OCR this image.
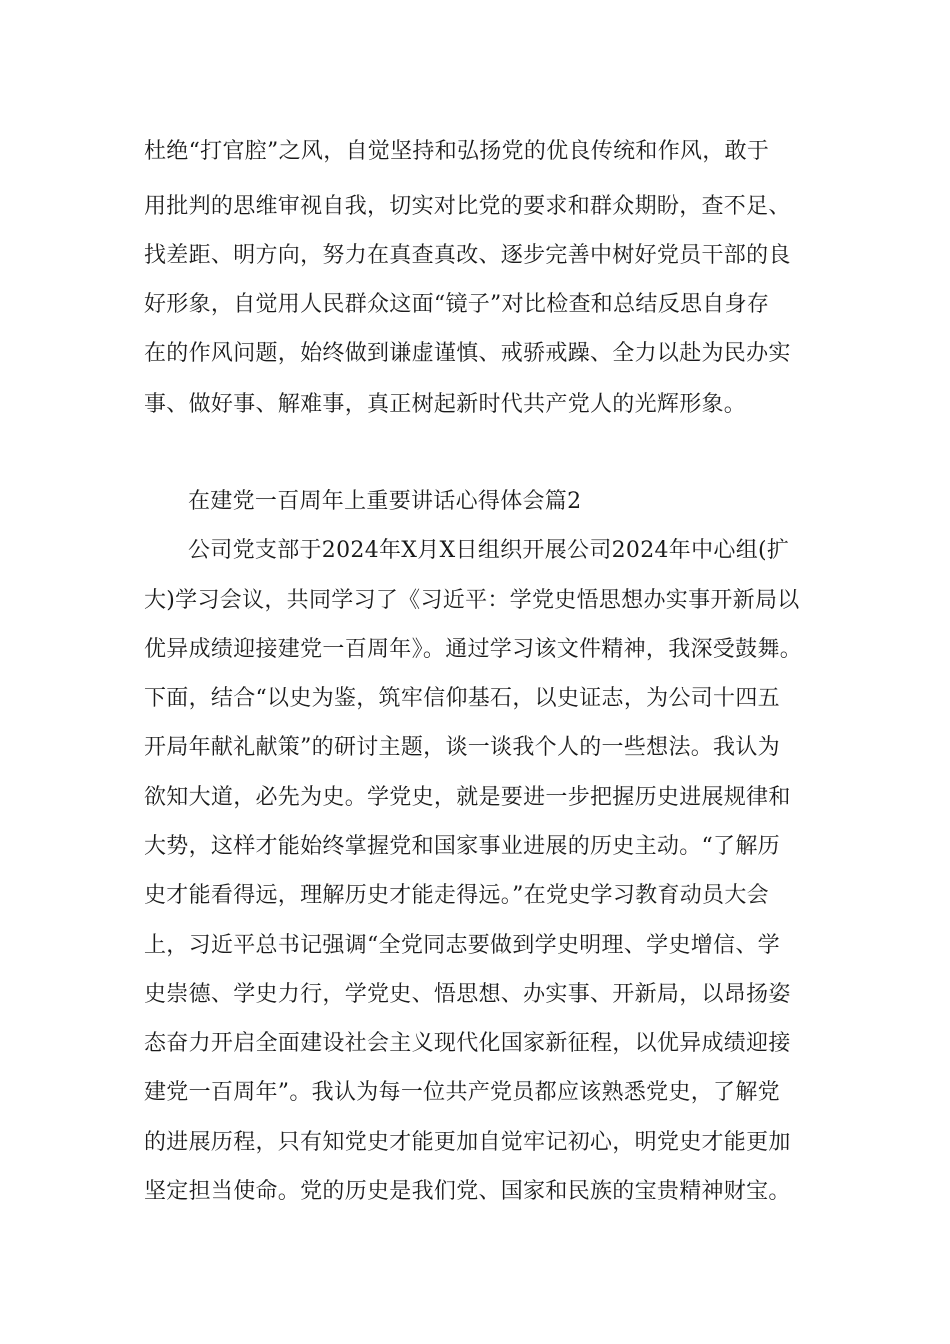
杜绝“打官腔”之风，自觉坚持和弘扬党的优良传统和作风，敢于
用批判的思维审视自我，切实对比党的要求和群众期盼，查不足、
找差距、明方向，努力在真查真改、逐步完善中树好党员干部的良
好形象，自觉用人民群众这面“镜子”对比检查和总结反思自身存
在的作风问题，始终做到谦虚谨慎、戒骄戒躁、全力以赴为民办实
事、做好事、解难事，真正树起新时代共产党人的光辉形象。
在建党一百周年上重要讲话心得体会篇2
公司党支部于2024年X月X日组织开展公司2024年中心组(扩
大)学习会议，共同学习了《习近平：学党史悟思想办实事开新局以
优异成绩迎接建党一百周年》。通过学习该文件精神，我深受鼓舞。
下面，结合“以史为鉴，筑牢信仰基石，以史证志，为公司十四五
开局年献礼献策”的研讨主题，谈一谈我个人的一些想法。我认为
欲知大道，必先为史。学党史，就是要进一步把握历史进展规律和
大势，这样才能始终掌握党和国家事业进展的历史主动。“了解历
史才能看得远，理解历史才能走得远。”在党史学习教育动员大会
上，习近平总书记强调“全党同志要做到学史明理、学史增信、学
史崇德、学史力行，学党史、悟思想、办实事、开新局，以昂扬姿
态奋力开启全面建设社会主义现代化国家新征程，以优异成绩迎接
建党一百周年”。我认为每一位共产党员都应该熟悉党史，了解党
的进展历程，只有知党史才能更加自觉牢记初心，明党史才能更加
坚定担当使命。党的历史是我们党、国家和民族的宝贵精神财宝。
